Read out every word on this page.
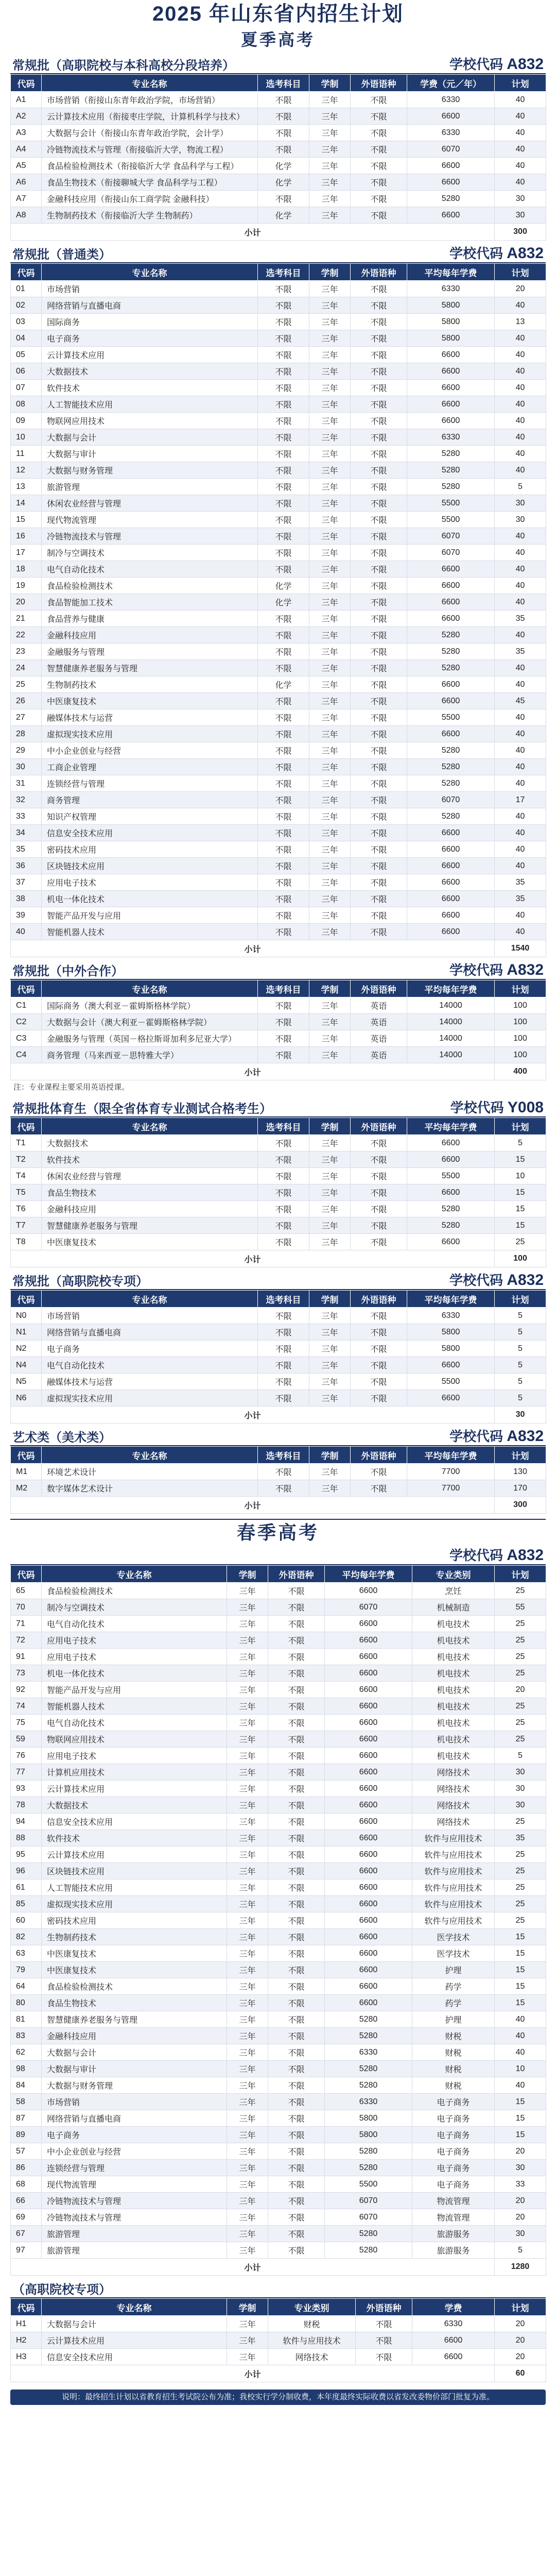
2025 年山东省内招生计划
夏季高考
常规批（高职院校与本科高校分段培养）	学校代码 A832
代码	专业名称	选考科目	学制	外语语种	学费（元／年）	计划
A1	市场营销（衔接山东青年政治学院，市场营销）	不限	三年	不限	6330	40
A2	云计算技术应用（衔接枣庄学院，计算机科学与技术）	不限	三年	不限	6600	40
A3	大数据与会计（衔接山东青年政治学院，会计学）	不限	三年	不限	6330	40
A4	冷链物流技术与管理（衔接临沂大学，物流工程）	不限	三年	不限	6070	40
A5	食品检验检测技术（衔接临沂大学 食品科学与工程）	化学	三年	不限	6600	40
A6	食品生物技术（衔接聊城大学 食品科学与工程）	化学	三年	不限	6600	40
A7	金融科技应用（衔接山东工商学院 金融科技）	不限	三年	不限	5280	30
A8	生物制药技术（衔接临沂大学 生物制药）	化学	三年	不限	6600	30
小计						300
常规批（普通类）	学校代码 A832
代码	专业名称	选考科目	学制	外语语种	平均每年学费	计划
01	市场营销	不限	三年	不限	6330	20
02	网络营销与直播电商	不限	三年	不限	5800	40
03	国际商务	不限	三年	不限	5800	13
04	电子商务	不限	三年	不限	5800	40
05	云计算技术应用	不限	三年	不限	6600	40
06	大数据技术	不限	三年	不限	6600	40
07	软件技术	不限	三年	不限	6600	40
08	人工智能技术应用	不限	三年	不限	6600	40
09	物联网应用技术	不限	三年	不限	6600	40
10	大数据与会计	不限	三年	不限	6330	40
11	大数据与审计	不限	三年	不限	5280	40
12	大数据与财务管理	不限	三年	不限	5280	40
13	旅游管理	不限	三年	不限	5280	5
14	休闲农业经营与管理	不限	三年	不限	5500	30
15	现代物流管理	不限	三年	不限	5500	30
16	冷链物流技术与管理	不限	三年	不限	6070	40
17	制冷与空调技术	不限	三年	不限	6070	40
18	电气自动化技术	不限	三年	不限	6600	40
19	食品检验检测技术	化学	三年	不限	6600	40
20	食品智能加工技术	化学	三年	不限	6600	40
21	食品营养与健康	不限	三年	不限	6600	35
22	金融科技应用	不限	三年	不限	5280	40
23	金融服务与管理	不限	三年	不限	5280	35
24	智慧健康养老服务与管理	不限	三年	不限	5280	40
25	生物制药技术	化学	三年	不限	6600	40
26	中医康复技术	不限	三年	不限	6600	45
27	融媒体技术与运营	不限	三年	不限	5500	40
28	虚拟现实技术应用	不限	三年	不限	6600	40
29	中小企业创业与经营	不限	三年	不限	5280	40
30	工商企业管理	不限	三年	不限	5280	40
31	连锁经营与管理	不限	三年	不限	5280	40
32	商务管理	不限	三年	不限	6070	17
33	知识产权管理	不限	三年	不限	5280	40
34	信息安全技术应用	不限	三年	不限	6600	40
35	密码技术应用	不限	三年	不限	6600	40
36	区块链技术应用	不限	三年	不限	6600	40
37	应用电子技术	不限	三年	不限	6600	35
38	机电一体化技术	不限	三年	不限	6600	35
39	智能产品开发与应用	不限	三年	不限	6600	40
40	智能机器人技术	不限	三年	不限	6600	40
小计						1540
常规批（中外合作）	学校代码 A832
代码	专业名称	选考科目	学制	外语语种	平均每年学费	计划
C1	国际商务（澳大利亚－霍姆斯格林学院）	不限	三年	英语	14000	100
C2	大数据与会计（澳大利亚－霍姆斯格林学院）	不限	三年	英语	14000	100
C3	金融服务与管理（英国－格拉斯哥加利多尼亚大学）	不限	三年	英语	14000	100
C4	商务管理（马来西亚－思特雅大学）	不限	三年	英语	14000	100
小计						400
注：专业课程主要采用英语授课。
常规批体育生（限全省体育专业测试合格考生）	学校代码 Y008
代码	专业名称	选考科目	学制	外语语种	平均每年学费	计划
T1	大数据技术	不限	三年	不限	6600	5
T2	软件技术	不限	三年	不限	6600	15
T4	休闲农业经营与管理	不限	三年	不限	5500	10
T5	食品生物技术	不限	三年	不限	6600	15
T6	金融科技应用	不限	三年	不限	5280	15
T7	智慧健康养老服务与管理	不限	三年	不限	5280	15
T8	中医康复技术	不限	三年	不限	6600	25
小计						100
常规批（高职院校专项）	学校代码 A832
代码	专业名称	选考科目	学制	外语语种	平均每年学费	计划
N0	市场营销	不限	三年	不限	6330	5
N1	网络营销与直播电商	不限	三年	不限	5800	5
N2	电子商务	不限	三年	不限	5800	5
N4	电气自动化技术	不限	三年	不限	6600	5
N5	融媒体技术与运营	不限	三年	不限	5500	5
N6	虚拟现实技术应用	不限	三年	不限	6600	5
小计						30
艺术类（美术类）	学校代码 A832
代码	专业名称	选考科目	学制	外语语种	平均每年学费	计划
M1	环境艺术设计	不限	三年	不限	7700	130
M2	数字媒体艺术设计	不限	三年	不限	7700	170
小计						300
春季高考
学校代码 A832
代码	专业名称	学制	外语语种	平均每年学费	专业类别	计划
65	食品检验检测技术	三年	不限	6600	烹饪	25
70	制冷与空调技术	三年	不限	6070	机械制造	55
71	电气自动化技术	三年	不限	6600	机电技术	25
72	应用电子技术	三年	不限	6600	机电技术	25
91	应用电子技术	三年	不限	6600	机电技术	25
73	机电一体化技术	三年	不限	6600	机电技术	25
92	智能产品开发与应用	三年	不限	6600	机电技术	20
74	智能机器人技术	三年	不限	6600	机电技术	25
75	电气自动化技术	三年	不限	6600	机电技术	25
59	物联网应用技术	三年	不限	6600	机电技术	25
76	应用电子技术	三年	不限	6600	机电技术	5
77	计算机应用技术	三年	不限	6600	网络技术	30
93	云计算技术应用	三年	不限	6600	网络技术	30
78	大数据技术	三年	不限	6600	网络技术	30
94	信息安全技术应用	三年	不限	6600	网络技术	25
88	软件技术	三年	不限	6600	软件与应用技术	35
95	云计算技术应用	三年	不限	6600	软件与应用技术	25
96	区块链技术应用	三年	不限	6600	软件与应用技术	25
61	人工智能技术应用	三年	不限	6600	软件与应用技术	25
85	虚拟现实技术应用	三年	不限	6600	软件与应用技术	25
60	密码技术应用	三年	不限	6600	软件与应用技术	25
82	生物制药技术	三年	不限	6600	医学技术	15
63	中医康复技术	三年	不限	6600	医学技术	15
79	中医康复技术	三年	不限	6600	护理	15
64	食品检验检测技术	三年	不限	6600	药学	15
80	食品生物技术	三年	不限	6600	药学	15
81	智慧健康养老服务与管理	三年	不限	5280	护理	40
83	金融科技应用	三年	不限	5280	财税	40
62	大数据与会计	三年	不限	6330	财税	40
98	大数据与审计	三年	不限	5280	财税	10
84	大数据与财务管理	三年	不限	5280	财税	40
58	市场营销	三年	不限	6330	电子商务	15
87	网络营销与直播电商	三年	不限	5800	电子商务	15
89	电子商务	三年	不限	5800	电子商务	15
57	中小企业创业与经营	三年	不限	5280	电子商务	20
86	连锁经营与管理	三年	不限	5280	电子商务	30
68	现代物流管理	三年	不限	5500	电子商务	33
66	冷链物流技术与管理	三年	不限	6070	物流管理	20
69	冷链物流技术与管理	三年	不限	6070	物流管理	20
67	旅游管理	三年	不限	5280	旅游服务	30
97	旅游管理	三年	不限	5280	旅游服务	5
小计						1280
（高职院校专项）
代码	专业名称	学制	专业类别	外语语种	学费	计划
H1	大数据与会计	三年	财税	不限	6330	20
H2	云计算技术应用	三年	软件与应用技术	不限	6600	20
H3	信息安全技术应用	三年	网络技术	不限	6600	20
小计						60
说明：最终招生计划以省教育招生考试院公布为准；我校实行学分制收费，本年度最终实际收费以省发改委物价部门批复为准。
